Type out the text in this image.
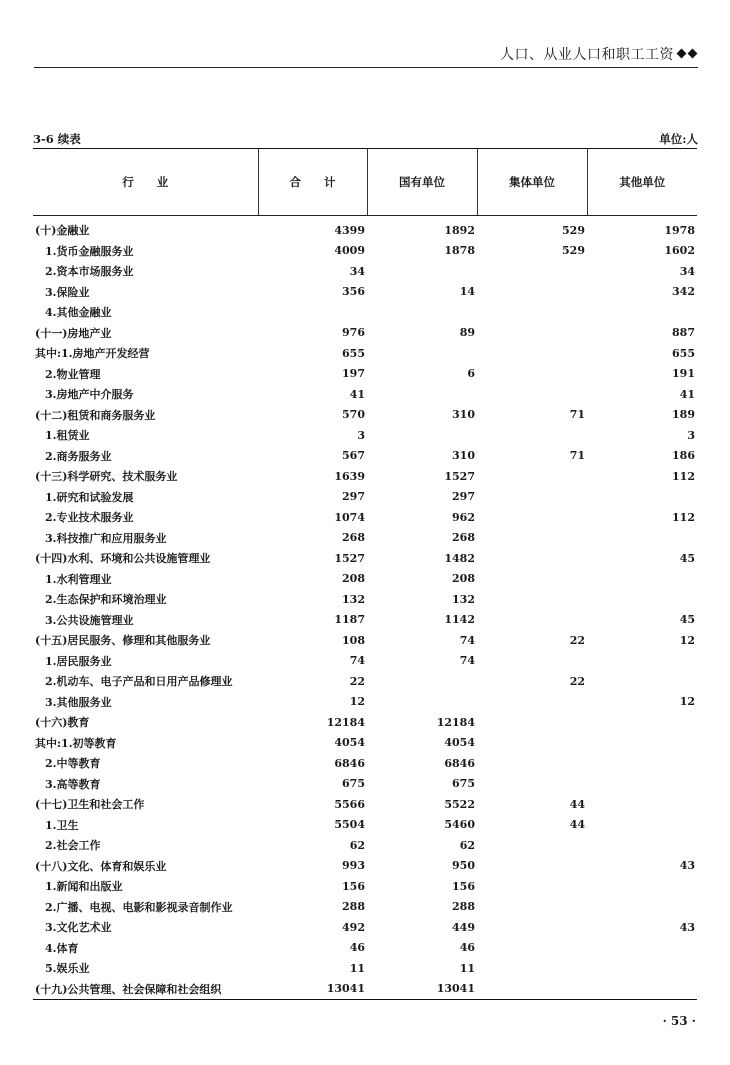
人口、从业人口和职工工资
3-6 续表	单位:人
行　　业	合　　计	国有单位	集体单位	其他单位
(十)金融业	4399	1892	529	1978
1.货币金融服务业	4009	1878	529	1602
2.资本市场服务业	34			34
3.保险业	356	14		342
4.其他金融业				
(十一)房地产业	976	89		887
其中:1.房地产开发经营	655			655
2.物业管理	197	6		191
3.房地产中介服务	41			41
(十二)租赁和商务服务业	570	310	71	189
1.租赁业	3			3
2.商务服务业	567	310	71	186
(十三)科学研究、技术服务业	1639	1527		112
1.研究和试验发展	297	297		
2.专业技术服务业	1074	962		112
3.科技推广和应用服务业	268	268		
(十四)水利、环境和公共设施管理业	1527	1482		45
1.水利管理业	208	208		
2.生态保护和环境治理业	132	132		
3.公共设施管理业	1187	1142		45
(十五)居民服务、修理和其他服务业	108	74	22	12
1.居民服务业	74	74		
2.机动车、电子产品和日用产品修理业	22		22	
3.其他服务业	12			12
(十六)教育	12184	12184		
其中:1.初等教育	4054	4054		
2.中等教育	6846	6846		
3.高等教育	675	675		
(十七)卫生和社会工作	5566	5522	44	
1.卫生	5504	5460	44	
2.社会工作	62	62		
(十八)文化、体育和娱乐业	993	950		43
1.新闻和出版业	156	156		
2.广播、电视、电影和影视录音制作业	288	288		
3.文化艺术业	492	449		43
4.体育	46	46		
5.娱乐业	11	11		
(十九)公共管理、社会保障和社会组织	13041	13041		
· 53 ·
